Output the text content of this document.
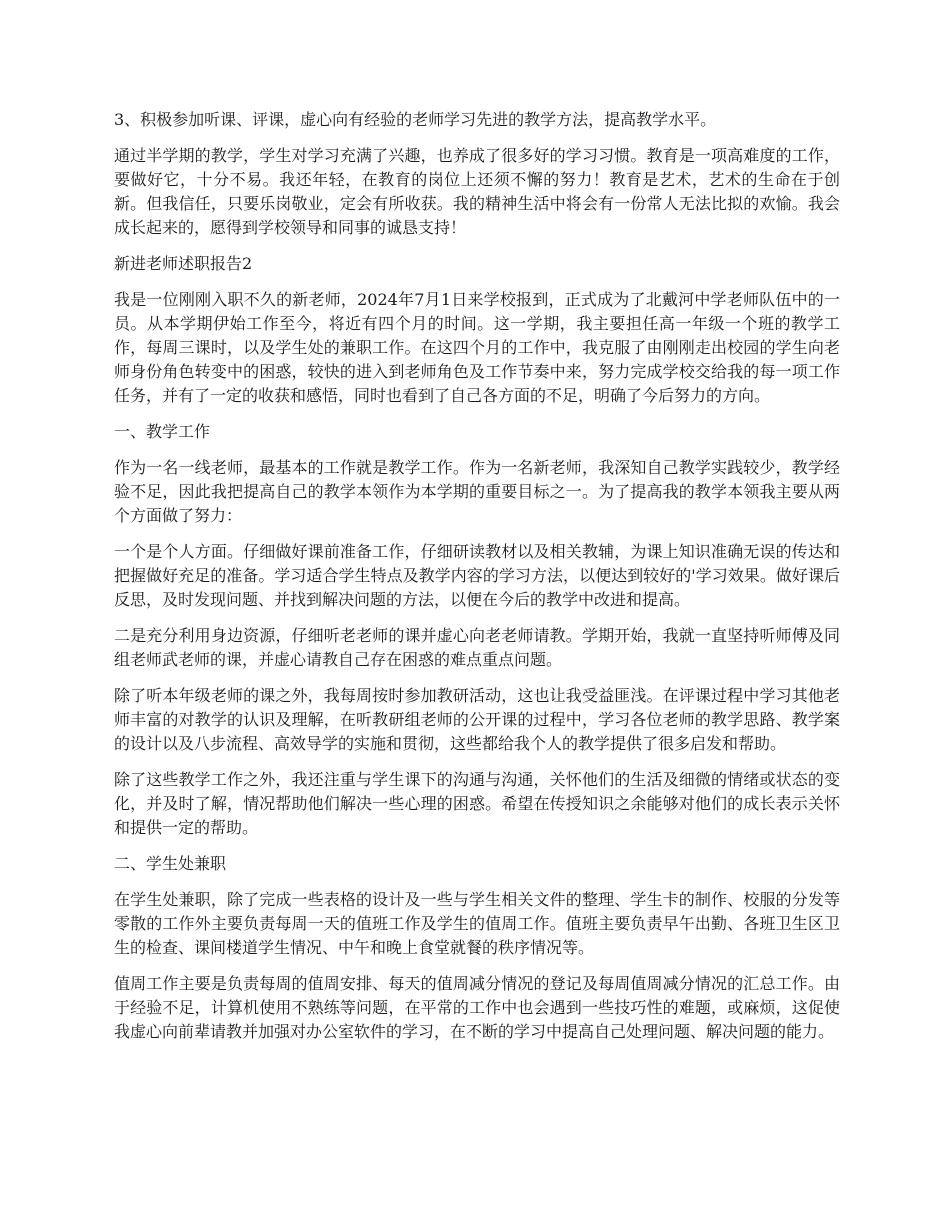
3、积极参加听课、评课，虚心向有经验的老师学习先进的教学方法，提高教学水平。

通过半学期的教学，学生对学习充满了兴趣，也养成了很多好的学习习惯。教育是一项高难度的工作，要做好它，十分不易。我还年轻，在教育的岗位上还须不懈的努力！教育是艺术，艺术的生命在于创新。但我信任，只要乐岗敬业，定会有所收获。我的精神生活中将会有一份常人无法比拟的欢愉。我会成长起来的，愿得到学校领导和同事的诚恳支持！

新进老师述职报告2

我是一位刚刚入职不久的新老师，2024年7月1日来学校报到，正式成为了北戴河中学老师队伍中的一员。从本学期伊始工作至今，将近有四个月的时间。这一学期，我主要担任高一年级一个班的教学工作，每周三课时，以及学生处的兼职工作。在这四个月的工作中，我克服了由刚刚走出校园的学生向老师身份角色转变中的困惑，较快的进入到老师角色及工作节奏中来，努力完成学校交给我的每一项工作任务，并有了一定的收获和感悟，同时也看到了自己各方面的不足，明确了今后努力的方向。

一、教学工作

作为一名一线老师，最基本的工作就是教学工作。作为一名新老师，我深知自己教学实践较少，教学经验不足，因此我把提高自己的教学本领作为本学期的重要目标之一。为了提高我的教学本领我主要从两个方面做了努力：

一个是个人方面。仔细做好课前准备工作，仔细研读教材以及相关教辅，为课上知识准确无误的传达和把握做好充足的准备。学习适合学生特点及教学内容的学习方法，以便达到较好的'学习效果。做好课后反思，及时发现问题、并找到解决问题的方法，以便在今后的教学中改进和提高。

二是充分利用身边资源，仔细听老老师的课并虚心向老老师请教。学期开始，我就一直坚持听师傅及同组老师武老师的课，并虚心请教自己存在困惑的难点重点问题。

除了听本年级老师的课之外，我每周按时参加教研活动，这也让我受益匪浅。在评课过程中学习其他老师丰富的对教学的认识及理解，在听教研组老师的公开课的过程中，学习各位老师的教学思路、教学案的设计以及八步流程、高效导学的实施和贯彻，这些都给我个人的教学提供了很多启发和帮助。

除了这些教学工作之外，我还注重与学生课下的沟通与沟通，关怀他们的生活及细微的情绪或状态的变化，并及时了解，情况帮助他们解决一些心理的困惑。希望在传授知识之余能够对他们的成长表示关怀和提供一定的帮助。

二、学生处兼职

在学生处兼职，除了完成一些表格的设计及一些与学生相关文件的整理、学生卡的制作、校服的分发等零散的工作外主要负责每周一天的值班工作及学生的值周工作。值班主要负责早午出勤、各班卫生区卫生的检查、课间楼道学生情况、中午和晚上食堂就餐的秩序情况等。

值周工作主要是负责每周的值周安排、每天的值周减分情况的登记及每周值周减分情况的汇总工作。由于经验不足，计算机使用不熟练等问题，在平常的工作中也会遇到一些技巧性的难题，或麻烦，这促使我虚心向前辈请教并加强对办公室软件的学习，在不断的学习中提高自己处理问题、解决问题的能力。
